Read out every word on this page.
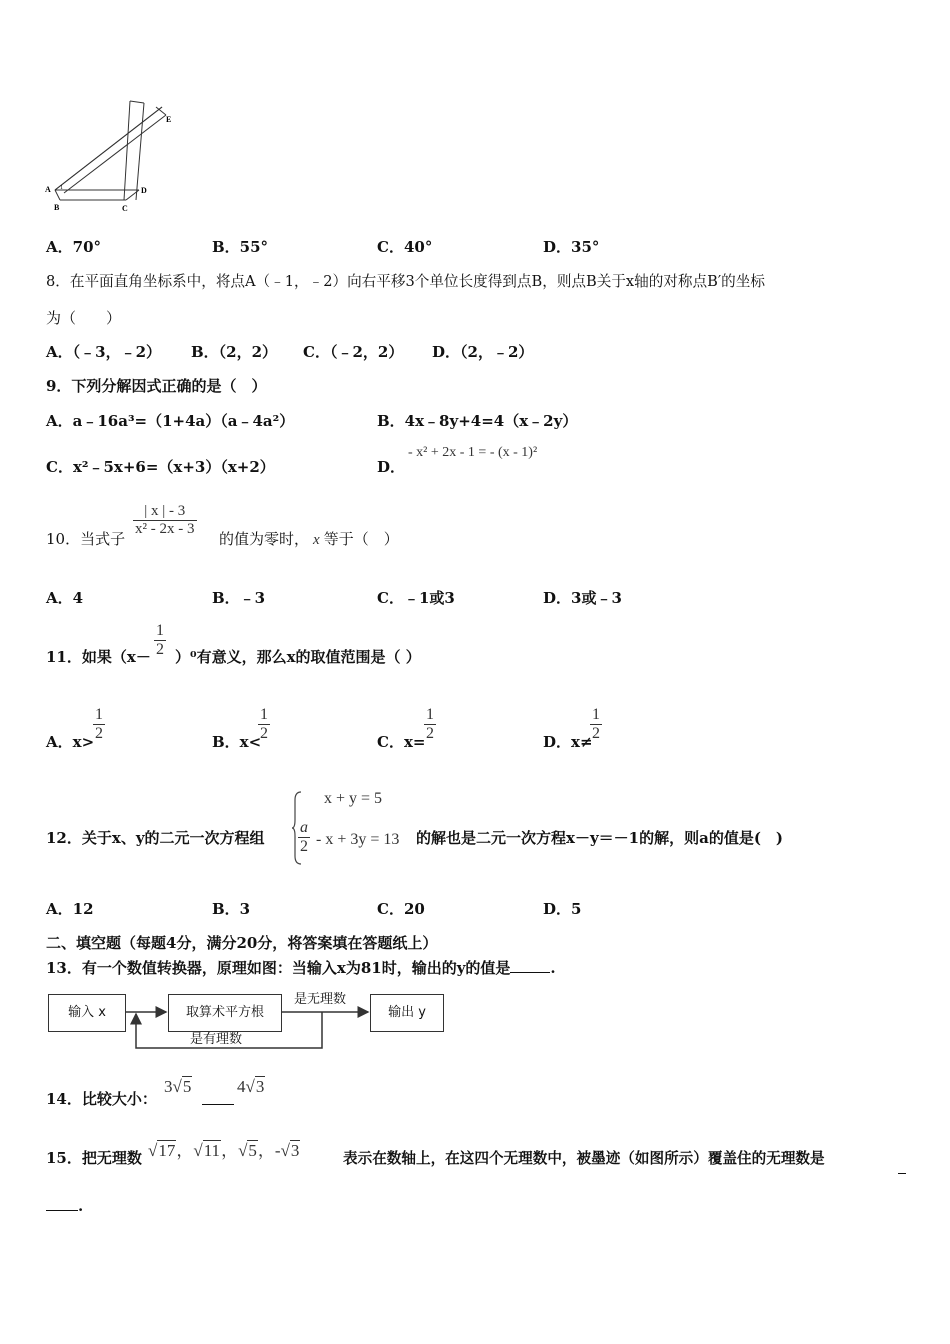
A
B	C
D
E
1
A．70°	B．55°	C．40°	D．35°
8．在平面直角坐标系中，将点A（﹣1，﹣2）向右平移3个单位长度得到点B，则点B关于x轴的对称点B′的坐标
为（　　）
A．（﹣3，﹣2） B．（2，2） C．（﹣2，2） D．（2，﹣2）
9．下列分解因式正确的是（　）
A．a﹣16a³=（1+4a）（a﹣4a²）	B．4x﹣8y+4=4（x﹣2y）
C．x²﹣5x+6=（x+3）（x+2）	D．
- x² + 2x - 1 = - (x - 1)²
10．当式子
$\frac{| x | - 3}{\text{x² - 2x - 3}}$
的值为零时， x 等于（　）
A．4	B．﹣3	C．﹣1或3	D．3或﹣3
11．如果$(x- \frac{1}{2} )^0$有意义，那么x的取值范围是（ ）
A．x>
$\frac{1}{2}$	B．x<
$\frac{1}{2}$	C．x=
$\frac{1}{2}$	D．x≠
$\frac{1}{2}$
12．关于x、y的二元一次方程组
x + y = 5
$\frac{a}{2} - x + 3y = 13$ 的解也是二元一次方程x－y＝－1的解，则a的值是(　)
A．12	B．3	C．20	D．5
二、填空题（每题4分，满分20分，将答案填在答题纸上）
13．有一个数值转换器，原理如图：当输入x为81时，输出的y的值是	.
输入 x	取算术平方根	输出 y
是无理数
是有理数
14．比较大小：
3√5	4√3
15．把无理数 √17，√11，√5，-√3	表示在数轴上，在这四个无理数中，被墨迹（如图所示）覆盖住的无理数是
.
